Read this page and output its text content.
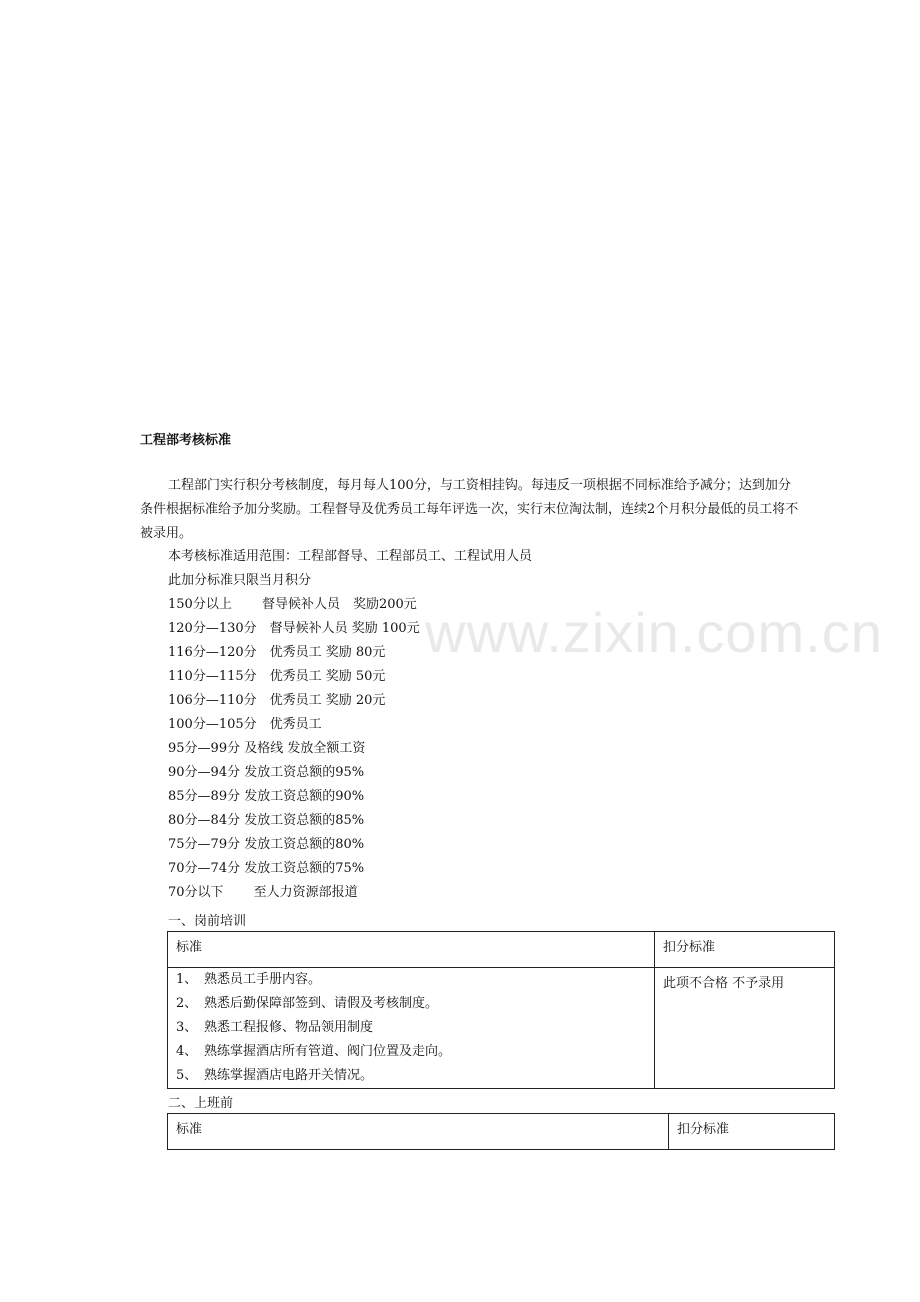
www.zixin.com.cn
工程部考核标准

工程部门实行积分考核制度，每月每人100分，与工资相挂钩。每违反一项根据不同标准给予减分；达到加分条件根据标准给予加分奖励。工程督导及优秀员工每年评选一次，实行末位淘汰制，连续2个月积分最低的员工将不被录用。

本考核标准适用范围：工程部督导、工程部员工、工程试用人员
此加分标准只限当月积分
150分以上　　 督导候补人员　奖励200元
120分—130分　督导候补人员 奖励 100元
116分—120分　优秀员工 奖励 80元
110分—115分　优秀员工 奖励 50元
106分—110分　优秀员工 奖励 20元
100分—105分　优秀员工
95分—99分 及格线 发放全额工资
90分—94分 发放工资总额的95%
85分—89分 发放工资总额的90%
80分—84分 发放工资总额的85%
75分—79分 发放工资总额的80%
70分—74分 发放工资总额的75%
70分以下　　 至人力资源部报道
一、岗前培训
标准	扣分标准

1、 熟悉员工手册内容。
2、 熟悉后勤保障部签到、请假及考核制度。
3、 熟悉工程报修、物品领用制度
4、 熟练掌握酒店所有管道、阀门位置及走向。
5、 熟练掌握酒店电路开关情况。	此项不合格 不予录用
二、上班前
标准	扣分标准
